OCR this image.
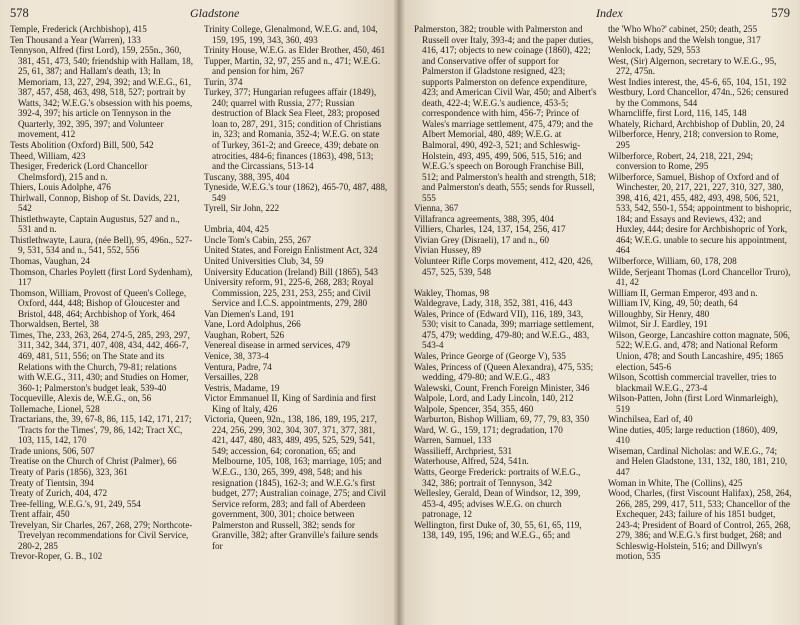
578	Gladstone

Temple, Frederick (Archbishop), 415

Ten Thousand a Year (Warren), 133

Tennyson, Alfred (first Lord), 159, 255n., 360, 381, 451, 473, 540; friendship with Hallam, 18, 25, 61, 387; and Hallam's death, 13; In Memoriam, 13, 227, 294, 392; and W.E.G., 61, 387, 457, 458, 463, 498, 518, 527; portrait by Watts, 342; W.E.G.'s obsession with his poems, 392-4, 397; his article on Tennyson in the Quarterly, 392, 395, 397; and Volunteer movement, 412

Tests Abolition (Oxford) Bill, 500, 542

Theed, William, 423

Thesiger, Frederick (Lord Chancellor Chelmsford), 215 and n.

Thiers, Louis Adolphe, 476

Thirlwall, Connop, Bishop of St. Davids, 221, 542

Thistlethwayte, Captain Augustus, 527 and n., 531 and n.

Thistlethwayte, Laura, (née Bell), 95, 496n., 527-9, 531, 534 and n., 541, 552, 556

Thomas, Vaughan, 24

Thomson, Charles Poylett (first Lord Sydenham), 117

Thomson, William, Provost of Queen's College, Oxford, 444, 448; Bishop of Gloucester and Bristol, 448, 464; Archbishop of York, 464

Thorwaldsen, Bertel, 38

Times, The, 233, 263, 264, 274-5, 285, 293, 297, 311, 342, 344, 371, 407, 408, 434, 442, 466-7, 469, 481, 511, 556; on The State and its Relations with the Church, 79-81; relations with W.E.G., 311, 430; and Studies on Homer, 360-1; Palmerston's budget leak, 539-40

Tocqueville, Alexis de, W.E.G., on, 56

Tollemache, Lionel, 528

Tractarians, the, 39, 67-8, 86, 115, 142, 171, 217; 'Tracts for the Times', 79, 86, 142; Tract XC, 103, 115, 142, 170

Trade unions, 506, 507

Treatise on the Church of Christ (Palmer), 66

Treaty of Paris (1856), 323, 361

Treaty of Tientsin, 394

Treaty of Zurich, 404, 472

Tree-felling, W.E.G.'s, 91, 249, 554

Trent affair, 450

Trevelyan, Sir Charles, 267, 268, 279; Northcote-Trevelyan recommendations for Civil Service, 280-2, 285

Trevor-Roper, G. B., 102

Trinity College, Glenalmond, W.E.G. and, 104, 159, 195, 199, 343, 360, 493

Trinity House, W.E.G. as Elder Brother, 450, 461

Tupper, Martin, 32, 97, 255 and n., 471; W.E.G. and pension for him, 267

Turin, 374

Turkey, 377; Hungarian refugees affair (1849), 240; quarrel with Russia, 277; Russian destruction of Black Sea Fleet, 283; proposed loan to, 287, 291, 315; condition of Christians in, 323; and Romania, 352-4; W.E.G. on state of Turkey, 361-2; and Greece, 439; debate on atrocities, 484-6; finances (1863), 498, 513; and the Circassians, 513-14

Tuscany, 388, 395, 404

Tyneside, W.E.G.'s tour (1862), 465-70, 487, 488, 549

Tyrell, Sir John, 222

Umbria, 404, 425

Uncle Tom's Cabin, 255, 267

United States, and Foreign Enlistment Act, 324

United Universities Club, 34, 59

University Education (Ireland) Bill (1865), 543

University reform, 91, 225-6, 268, 283; Royal Commission, 225, 231, 253, 255; and Civil Service and I.C.S. appointments, 279, 280

Van Diemen's Land, 191

Vane, Lord Adolphus, 266

Vaughan, Robert, 526

Venereal disease in armed services, 479

Venice, 38, 373-4

Ventura, Padre, 74

Versailles, 228

Vestris, Madame, 19

Victor Emmanuel II, King of Sardinia and first King of Italy, 426

Victoria, Queen, 92n., 138, 186, 189, 195, 217, 224, 256, 299, 302, 304, 307, 371, 377, 381, 421, 447, 480, 483, 489, 495, 525, 529, 541, 549; accession, 64; coronation, 65; and Melbourne, 105, 108, 163; marriage, 105; and W.E.G., 130, 265, 399, 498, 548; and his resignation (1845), 162-3; and W.E.G.'s first budget, 277; Australian coinage, 275; and Civil Service reform, 283; and fall of Aberdeen government, 300, 301; choice between Palmerston and Russell, 382; sends for Granville, 382; after Granville's failure sends for

Index	579

Palmerston, 382; trouble with Palmerston and Russell over Italy, 393-4; and the paper duties, 416, 417; objects to new coinage (1860), 422; and Conservative offer of support for Palmerston if Gladstone resigned, 423; supports Palmerston on defence expenditure, 423; and American Civil War, 450; and Albert's death, 422-4; W.E.G.'s audience, 453-5; correspondence with him, 456-7; Prince of Wales's marriage settlement, 475, 479; and the Albert Memorial, 480, 489; W.E.G. at Balmoral, 490, 492-3, 521; and Schleswig-Holstein, 493, 495, 499, 506, 515, 516; and W.E.G.'s speech on Borough Franchise Bill, 512; and Palmerston's health and strength, 518; and Palmerston's death, 555; sends for Russell, 555

Vienna, 367

Villafranca agreements, 388, 395, 404

Villiers, Charles, 124, 137, 154, 256, 417

Vivian Grey (Disraeli), 17 and n., 60

Vivian Hussey, 89

Volunteer Rifle Corps movement, 412, 420, 426, 457, 525, 539, 548

Wakley, Thomas, 98

Waldegrave, Lady, 318, 352, 381, 416, 443

Wales, Prince of (Edward VII), 116, 189, 343, 530; visit to Canada, 399; marriage settlement, 475, 479; wedding, 479-80; and W.E.G., 483, 543-4

Wales, Prince George of (George V), 535

Wales, Princess of (Queen Alexandra), 475, 535; wedding, 479-80; and W.E.G., 483

Walewski, Count, French Foreign Minister, 346

Walpole, Lord, and Lady Lincoln, 140, 212

Walpole, Spencer, 354, 355, 460

Warburton, Bishop William, 69, 77, 79, 83, 350

Ward, W. G., 159, 171; degradation, 170

Warren, Samuel, 133

Wassilieff, Archpriest, 531

Waterhouse, Alfred, 524, 541n.

Watts, George Frederick: portraits of W.E.G., 342, 386; portrait of Tennyson, 342

Wellesley, Gerald, Dean of Windsor, 12, 399, 453-4, 495; advises W.E.G. on church patronage, 12

Wellington, first Duke of, 30, 55, 61, 65, 119, 138, 149, 195, 196; and W.E.G., 65; and

the 'Who Who?' cabinet, 250; death, 255

Welsh bishops and the Welsh tongue, 317

Wenlock, Lady, 529, 553

West, (Sir) Algernon, secretary to W.E.G., 95, 272, 475n.

West Indies interest, the, 45-6, 65, 104, 151, 192

Westbury, Lord Chancellor, 474n., 526; censured by the Commons, 544

Wharncliffe, first Lord, 116, 145, 148

Whately, Richard, Archbishop of Dublin, 20, 24

Wilberforce, Henry, 218; conversion to Rome, 295

Wilberforce, Robert, 24, 218, 221, 294; conversion to Rome, 295

Wilberforce, Samuel, Bishop of Oxford and of Winchester, 20, 217, 221, 227, 310, 327, 380, 398, 416, 421, 455, 482, 493, 498, 506, 521, 533, 542, 550-1, 554; appointment to bishopric, 184; and Essays and Reviews, 432; and Huxley, 444; desire for Archbishopric of York, 464; W.E.G. unable to secure his appointment, 464

Wilberforce, William, 60, 178, 208

Wilde, Serjeant Thomas (Lord Chancellor Truro), 41, 42

William II, German Emperor, 493 and n.

William IV, King, 49, 50; death, 64

Willoughby, Sir Henry, 480

Wilmot, Sir J. Eardley, 191

Wilson, George, Lancashire cotton magnate, 506, 522; W.E.G. and, 478; and National Reform Union, 478; and South Lancashire, 495; 1865 election, 545-6

Wilson, Scottish commercial traveller, tries to blackmail W.E.G., 273-4

Wilson-Patten, John (first Lord Winmarleigh), 519

Winchilsea, Earl of, 40

Wine duties, 405; large reduction (1860), 409, 410

Wiseman, Cardinal Nicholas: and W.E.G., 74; and Helen Gladstone, 131, 132, 180, 181, 210, 447

Woman in White, The (Collins), 425

Wood, Charles, (first Viscount Halifax), 258, 264, 266, 285, 299, 417, 511, 533; Chancellor of the Exchequer, 243; failure of his 1851 budget, 243-4; President of Board of Control, 265, 268, 279, 386; and W.E.G.'s first budget, 268; and Schleswig-Holstein, 516; and Dillwyn's motion, 535
